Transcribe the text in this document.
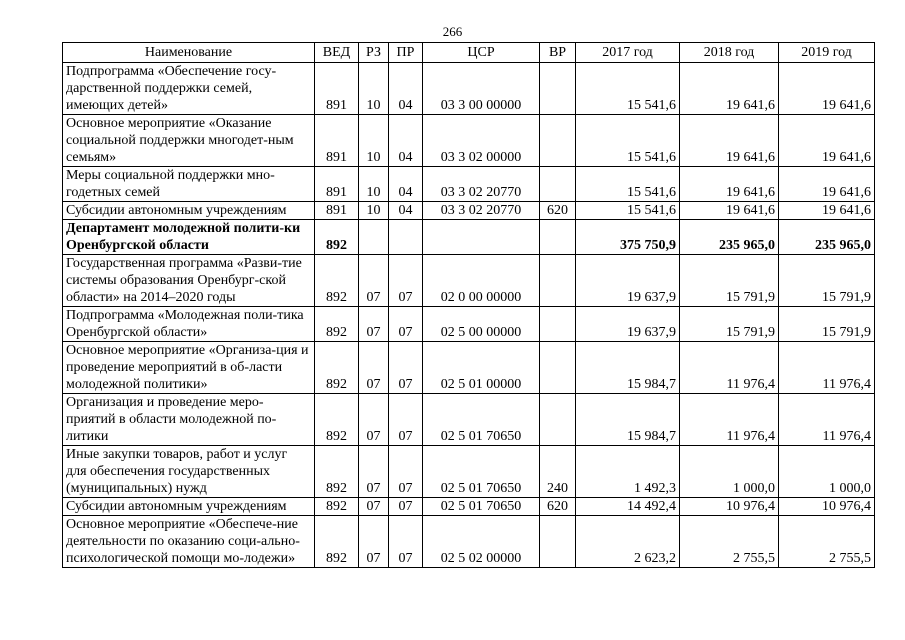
266
Наименование	ВЕД	РЗ	ПР	ЦСР	ВР	2017 год	2018 год	2019 год
Подпрограмма «Обеспечение госу-дарственной поддержки семей, имеющих детей»	891	10	04	03 3 00 00000		15 541,6	19 641,6	19 641,6
Основное мероприятие «Оказание социальной поддержки многодет-ным семьям»	891	10	04	03 3 02 00000		15 541,6	19 641,6	19 641,6
Меры социальной поддержки мно-годетных семей	891	10	04	03 3 02 20770		15 541,6	19 641,6	19 641,6
Субсидии автономным учреждениям	891	10	04	03 3 02 20770	620	15 541,6	19 641,6	19 641,6
Департамент молодежной полити-ки Оренбургской области	892					375 750,9	235 965,0	235 965,0
Государственная программа «Разви-тие системы образования Оренбург-ской области» на 2014–2020 годы	892	07	07	02 0 00 00000		19 637,9	15 791,9	15 791,9
Подпрограмма «Молодежная поли-тика Оренбургской области»	892	07	07	02 5 00 00000		19 637,9	15 791,9	15 791,9
Основное мероприятие «Организа-ция и проведение мероприятий в об-ласти молодежной политики»	892	07	07	02 5 01 00000		15 984,7	11 976,4	11 976,4
Организация и проведение меро-приятий в области молодежной по-литики	892	07	07	02 5 01 70650		15 984,7	11 976,4	11 976,4
Иные закупки товаров, работ и услуг для обеспечения государственных (муниципальных) нужд	892	07	07	02 5 01 70650	240	1 492,3	1 000,0	1 000,0
Субсидии автономным учреждениям	892	07	07	02 5 01 70650	620	14 492,4	10 976,4	10 976,4
Основное мероприятие «Обеспече-ние деятельности по оказанию соци-ально-психологической помощи мо-лодежи»	892	07	07	02 5 02 00000		2 623,2	2 755,5	2 755,5
